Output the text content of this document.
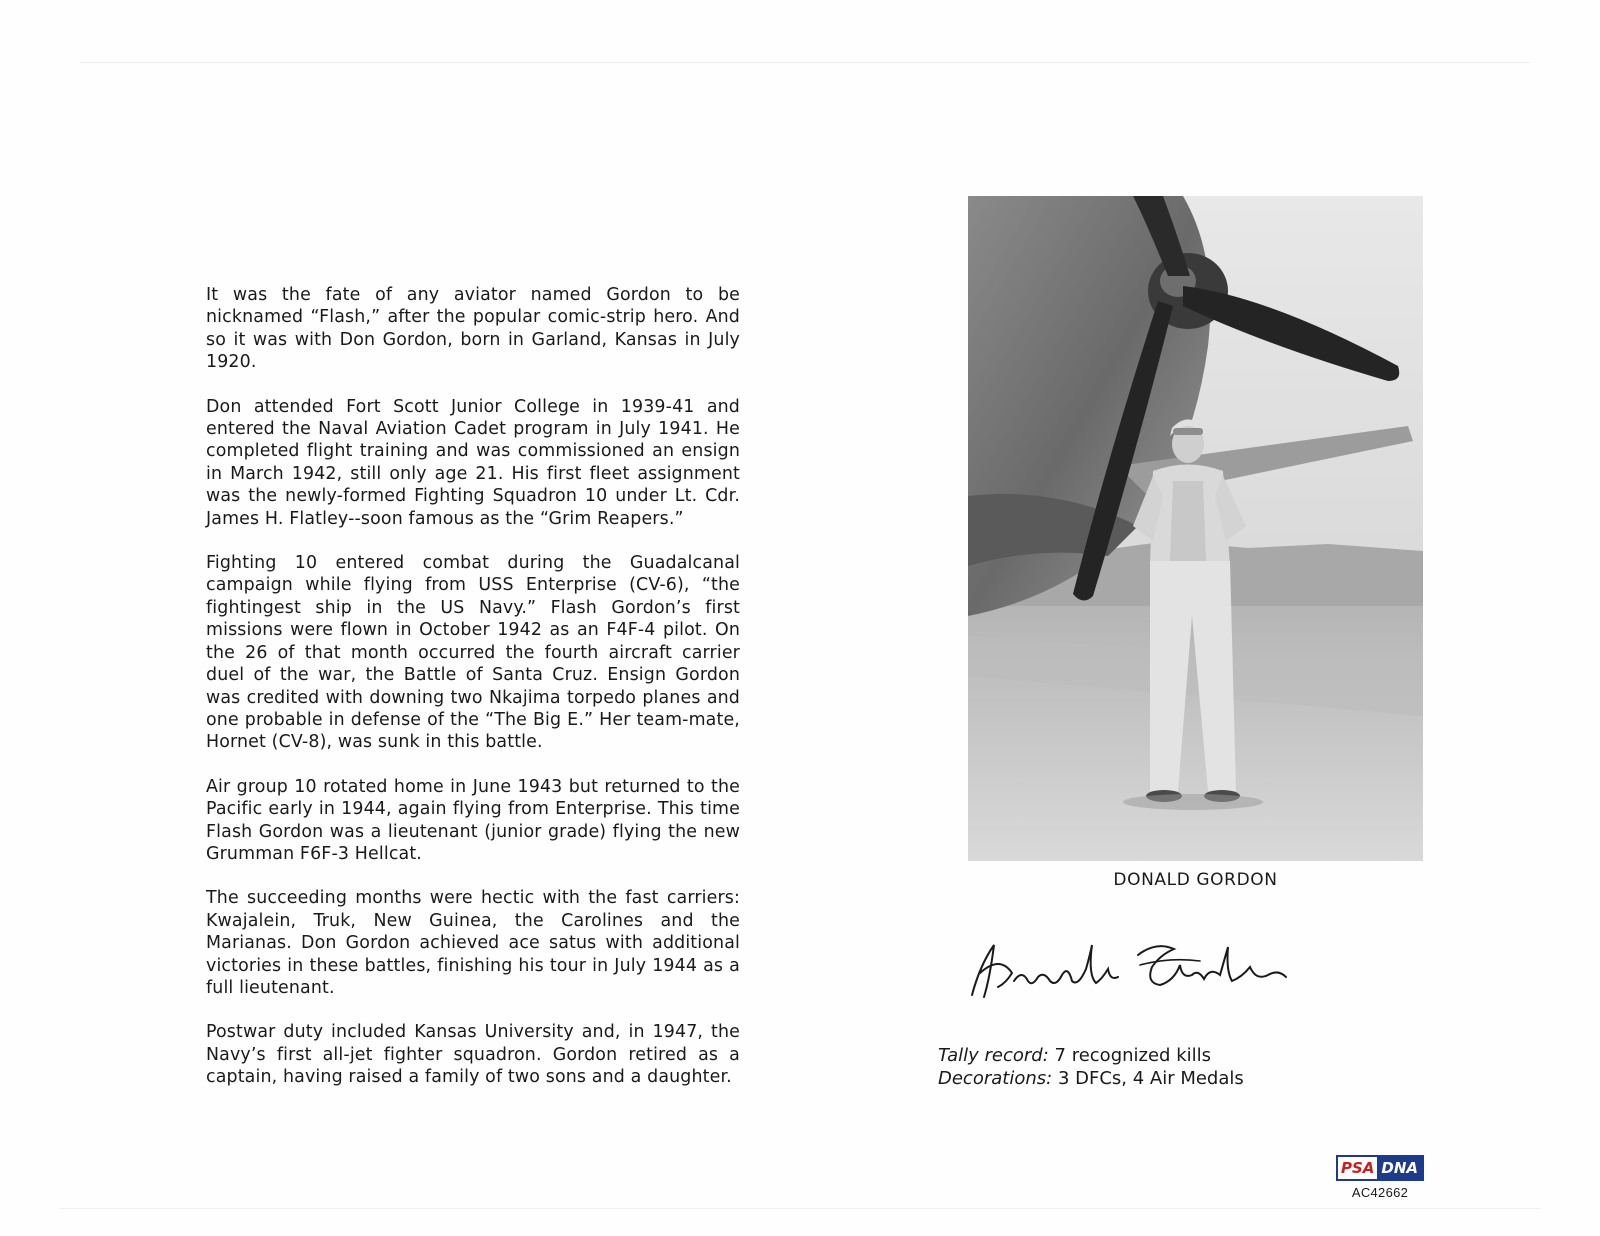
It was the fate of any aviator named Gordon to be nicknamed “Flash,” after the popular comic-strip hero. And so it was with Don Gordon, born in Garland, Kansas in July 1920.

Don attended Fort Scott Junior College in 1939-41 and entered the Naval Aviation Cadet program in July 1941. He completed flight training and was commissioned an ensign in March 1942, still only age 21. His first fleet assignment was the newly-formed Fighting Squadron 10 under Lt. Cdr. James H. Flatley--soon famous as the “Grim Reapers.”

Fighting 10 entered combat during the Guadalcanal campaign while flying from USS Enterprise (CV-6), “the fightingest ship in the US Navy.” Flash Gordon’s first missions were flown in October 1942 as an F4F-4 pilot. On the 26 of that month occurred the fourth aircraft carrier duel of the war, the Battle of Santa Cruz. Ensign Gordon was credited with downing two Nkajima torpedo planes and one probable in defense of the “The Big E.” Her team-mate, Hornet (CV-8), was sunk in this battle.

Air group 10 rotated home in June 1943 but returned to the Pacific early in 1944, again flying from Enterprise. This time Flash Gordon was a lieutenant (junior grade) flying the new Grumman F6F-3 Hellcat.

The succeeding months were hectic with the fast carriers: Kwajalein, Truk, New Guinea, the Carolines and the Marianas. Don Gordon achieved ace satus with additional victories in these battles, finishing his tour in July 1944 as a full lieutenant.

Postwar duty included Kansas University and, in 1947, the Navy’s first all-jet fighter squadron. Gordon retired as a captain, having raised a family of two sons and a daughter.

DONALD GORDON
Tally record: 7 recognized kills
Decorations: 3 DFCs, 4 Air Medals
PSA DNA
AC42662
